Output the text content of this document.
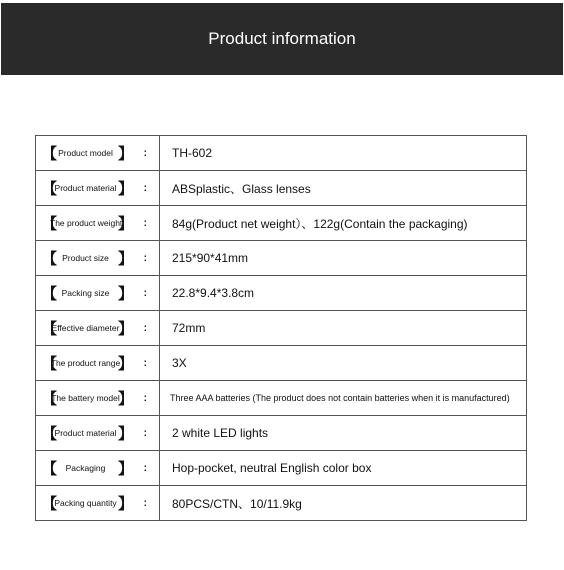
Product information
【 Product model 】 :	TH-602

【
Product material 】 :	ABSplastic、Glass lenses

【
The product weight
】 :	84g(Product net weight）、122g(Contain the packaging)

【 Product size 】 :	215*90*41mm

【 Packing size 】 :	22.8*9.4*3.8cm

【
Effective diameter
】 :	72mm

【
The product range
】 :	3X

【
The battery model
】 :	Three AAA batteries (The product does not contain batteries when it is manufactured)

【
Product material 】 :	2 white LED lights

【 Packaging 】 :	Hop-pocket, neutral English color box

【
Packing quantity 】 :	80PCS/CTN、10/11.9kg
